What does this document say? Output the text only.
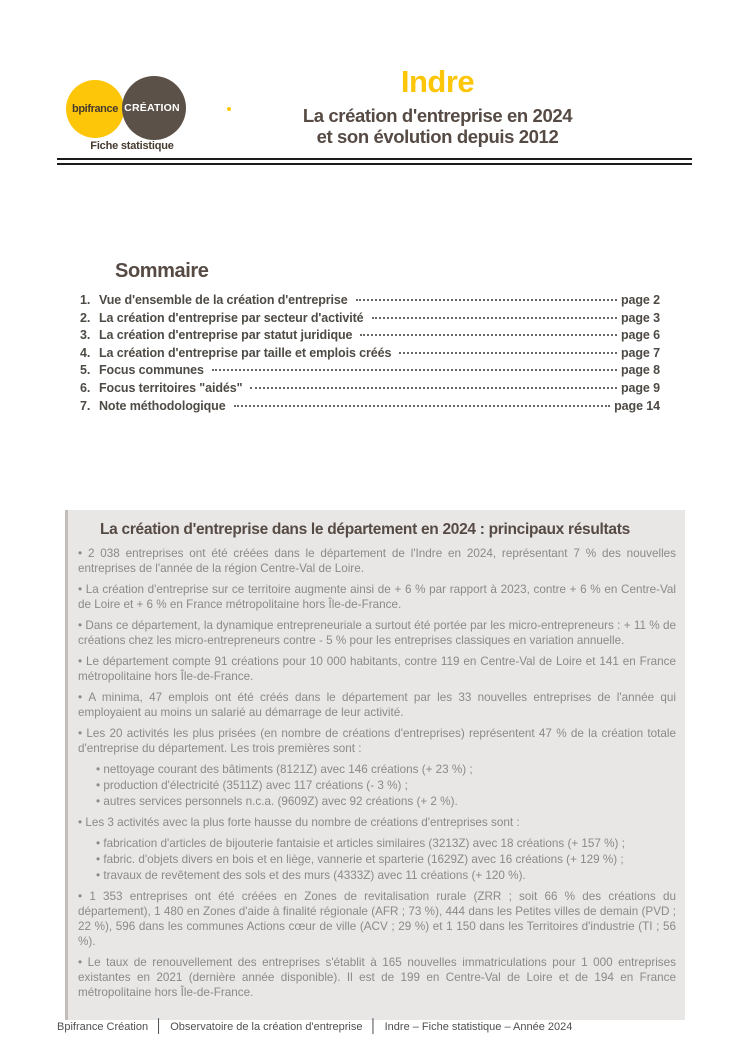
bpifrance CRÉATION
Fiche statistique
Indre
La création d'entreprise en 2024
et son évolution depuis 2012
Sommaire
1. Vue d'ensemble de la création d'entreprise	page 2
2. La création d'entreprise par secteur d'activité	page 3
3. La création d'entreprise par statut juridique	page 6
4. La création d'entreprise par taille et emplois créés	page 7
5. Focus communes	page 8
6. Focus territoires "aidés"	page 9
7. Note méthodologique	page 14
La création d'entreprise dans le département en 2024 : principaux résultats

• 2 038 entreprises ont été créées dans le département de l'Indre en 2024, représentant 7 % des nouvelles entreprises de l'année de la région Centre-Val de Loire.

• La création d'entreprise sur ce territoire augmente ainsi de + 6 % par rapport à 2023, contre + 6 % en Centre-Val de Loire et + 6 % en France métropolitaine hors Île-de-France.

• Dans ce département, la dynamique entrepreneuriale a surtout été portée par les micro-entrepreneurs : + 11 % de créations chez les micro-entrepreneurs contre - 5 % pour les entreprises classiques en variation annuelle.

• Le département compte 91 créations pour 10 000 habitants, contre 119 en Centre-Val de Loire et 141 en France métropolitaine hors Île-de-France.

• A minima, 47 emplois ont été créés dans le département par les 33 nouvelles entreprises de l'année qui employaient au moins un salarié au démarrage de leur activité.

• Les 20 activités les plus prisées (en nombre de créations d'entreprises) représentent 47 % de la création totale d'entreprise du département. Les trois premières sont :

• nettoyage courant des bâtiments (8121Z) avec 146 créations (+ 23 %) ;

• production d'électricité (3511Z) avec 117 créations (- 3 %) ;

• autres services personnels n.c.a. (9609Z) avec 92 créations (+ 2 %).

• Les 3 activités avec la plus forte hausse du nombre de créations d'entreprises sont :

• fabrication d'articles de bijouterie fantaisie et articles similaires (3213Z) avec 18 créations (+ 157 %) ;

• fabric. d'objets divers en bois et en liège, vannerie et sparterie (1629Z) avec 16 créations (+ 129 %) ;

• travaux de revêtement des sols et des murs (4333Z) avec 11 créations (+ 120 %).

• 1 353 entreprises ont été créées en Zones de revitalisation rurale (ZRR ; soit 66 % des créations du département), 1 480 en Zones d'aide à finalité régionale (AFR ; 73 %), 444 dans les Petites villes de demain (PVD ; 22 %), 596 dans les communes Actions cœur de ville (ACV ; 29 %) et 1 150 dans les Territoires d'industrie (TI ; 56 %).

• Le taux de renouvellement des entreprises s'établit à 165 nouvelles immatriculations pour 1 000 entreprises existantes en 2021 (dernière année disponible). Il est de 199 en Centre-Val de Loire et de 194 en France métropolitaine hors Île-de-France.

Bpifrance Création │ Observatoire de la création d'entreprise │ Indre – Fiche statistique – Année 2024
